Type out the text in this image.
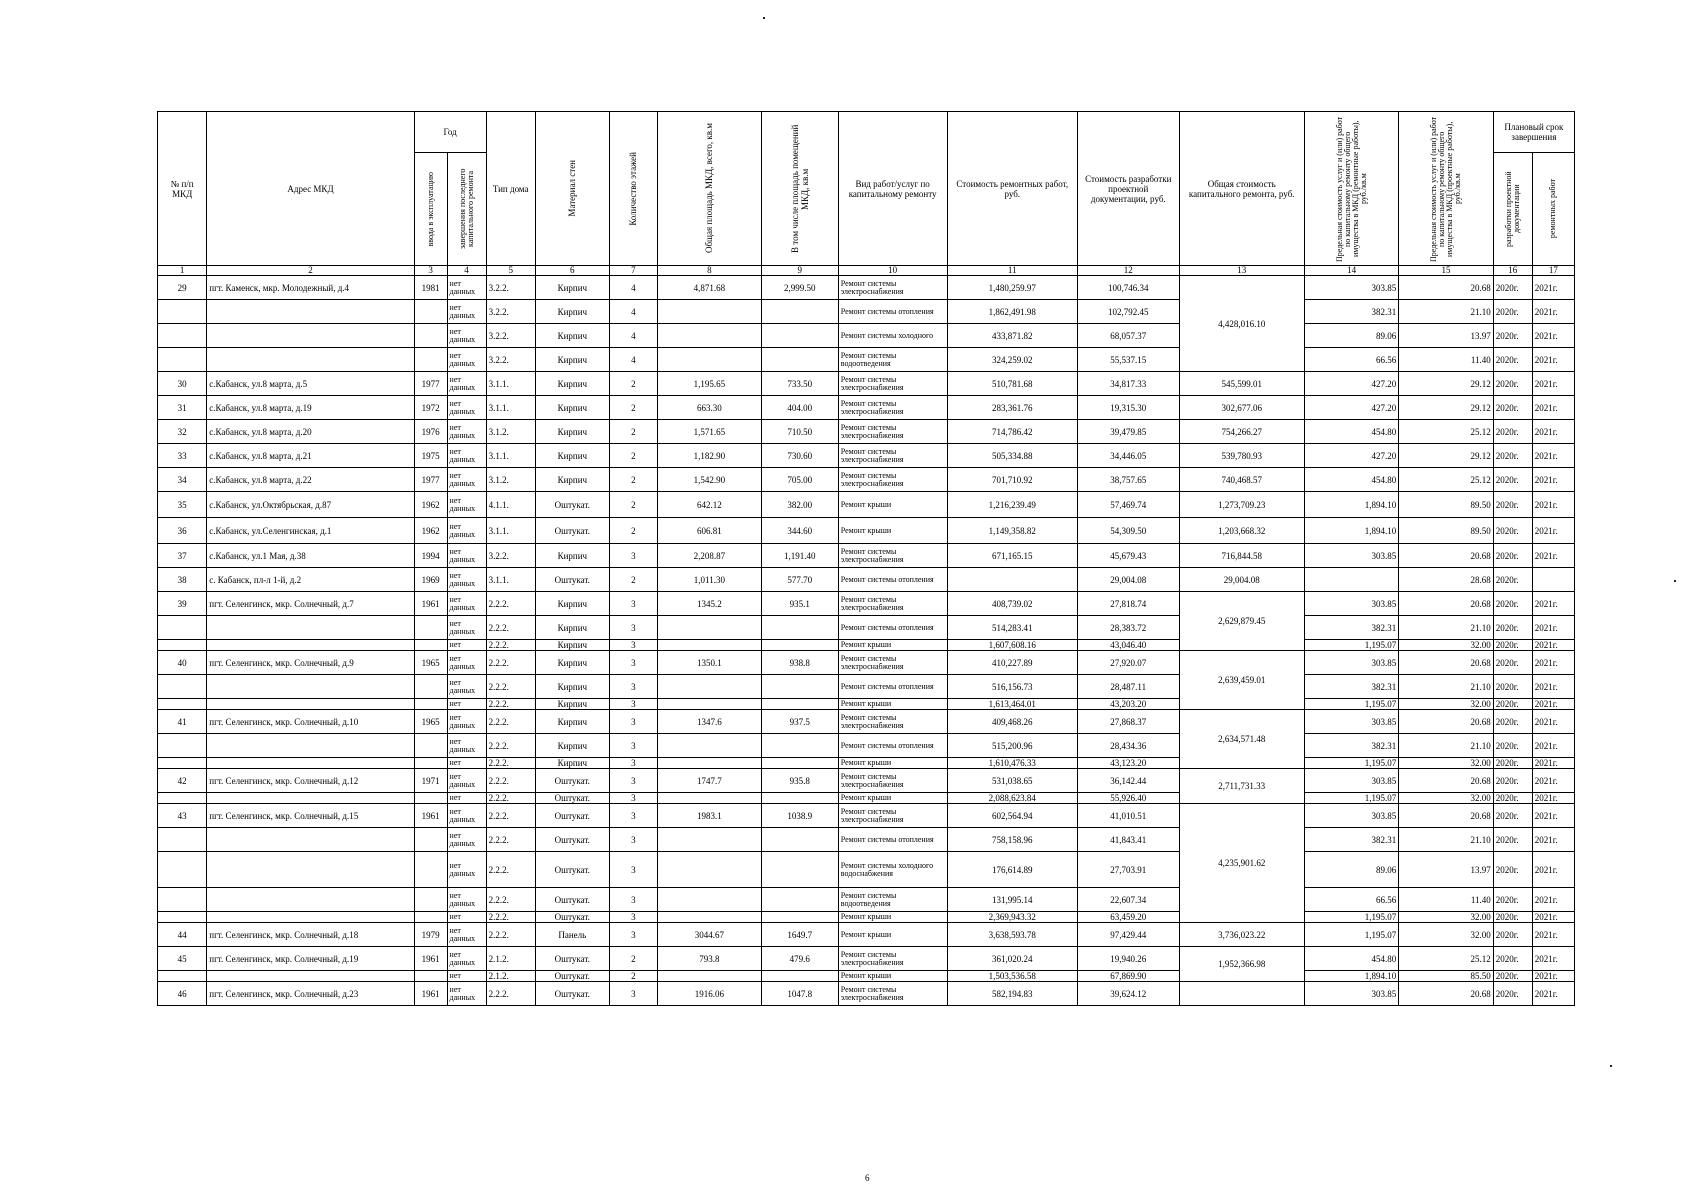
№ п/п МКД	Адрес МКД	Год		Тип дома	Материал стен	Количество этажей	Общая площадь МКД, всего, кв.м	В том числе площадь помещений МКД, кв.м	Вид работ/услуг по капитальному ремонту	Стоимость ремонтных работ, руб.	Стоимость разработки проектной документации, руб.	Общая стоимость капитального ремонта, руб.	Предельная стоимость услуг и (или) работ по капитальному ремонту общего имущества в МКД (ремонтные работы), руб./кв.м	Предельная стоимость услуг и (или) работ по капитальному ремонту общего имущества в МКД (проектные работы), руб./кв.м	Плановый срок завершения	

		ввода в эксплуатацию	завершения последнего капитального ремонта												разработки проектной документации	ремонтных работ

1	2	3	4	5	6	7	8	9	10	11	12	13	14	15	16	17
29	пгт. Каменск, мкр. Молодежный, д.4	1981	нет данных	3.2.2.	Кирпич	4	4,871.68	2,999.50	Ремонт системы электроснабжения	1,480,259.97	100,746.34	4,428,016.10	303.85	20.68	2020г.	2021г.
			нет данных	3.2.2.	Кирпич	4			Ремонт системы отопления	1,862,491.98	102,792.45		382.31	21.10	2020г.	2021г.
			нет данных	3.2.2.	Кирпич	4			Ремонт системы холодного	433,871.82	68,057.37		89.06	13.97	2020г.	2021г.
			нет данных	3.2.2.	Кирпич	4			Ремонт системы водоотведения	324,259.02	55,537.15		66.56	11.40	2020г.	2021г.
30	с.Кабанск, ул.8 марта, д.5	1977	нет данных	3.1.1.	Кирпич	2	1,195.65	733.50	Ремонт системы электроснабжения	510,781.68	34,817.33	545,599.01	427.20	29.12	2020г.	2021г.
31	с.Кабанск, ул.8 марта, д.19	1972	нет данных	3.1.1.	Кирпич	2	663.30	404.00	Ремонт системы электроснабжения	283,361.76	19,315.30	302,677.06	427.20	29.12	2020г.	2021г.
32	с.Кабанск, ул.8 марта, д.20	1976	нет данных	3.1.2.	Кирпич	2	1,571.65	710.50	Ремонт системы электроснабжения	714,786.42	39,479.85	754,266.27	454.80	25.12	2020г.	2021г.
33	с.Кабанск, ул.8 марта, д.21	1975	нет данных	3.1.1.	Кирпич	2	1,182.90	730.60	Ремонт системы электроснабжения	505,334.88	34,446.05	539,780.93	427.20	29.12	2020г.	2021г.
34	с.Кабанск, ул.8 марта, д.22	1977	нет данных	3.1.2.	Кирпич	2	1,542.90	705.00	Ремонт системы электроснабжения	701,710.92	38,757.65	740,468.57	454.80	25.12	2020г.	2021г.
35	с.Кабанск, ул.Октябрьская, д.87	1962	нет данных	4.1.1.	Оштукат.	2	642.12	382.00	Ремонт крыши	1,216,239.49	57,469.74	1,273,709.23	1,894.10	89.50	2020г.	2021г.
36	с.Кабанск, ул.Селенгинская, д.1	1962	нет данных	3.1.1.	Оштукат.	2	606.81	344.60	Ремонт крыши	1,149,358.82	54,309.50	1,203,668.32	1,894.10	89.50	2020г.	2021г.
37	с.Кабанск, ул.1 Мая, д.38	1994	нет данных	3.2.2.	Кирпич	3	2,208.87	1,191.40	Ремонт системы электроснабжения	671,165.15	45,679.43	716,844.58	303.85	20.68	2020г.	2021г.
38	с. Кабанск, пл-л 1-й, д.2	1969	нет данных	3.1.1.	Оштукат.	2	1,011.30	577.70	Ремонт системы отопления		29,004.08	29,004.08		28.68	2020г.	
39	пгт. Селенгинск, мкр. Солнечный, д.7	1961	нет данных	2.2.2.	Кирпич	3	1345.2	935.1	Ремонт системы электроснабжения	408,739.02	27,818.74	2,629,879.45	303.85	20.68	2020г.	2021г.
			нет данных	2.2.2.	Кирпич	3			Ремонт системы отопления	514,283.41	28,383.72		382.31	21.10	2020г.	2021г.
			нет	2.2.2.	Кирпич	3			Ремонт крыши	1,607,608.16	43,046.40		1,195.07	32.00	2020г.	2021г.
40	пгт. Селенгинск, мкр. Солнечный, д.9	1965	нет данных	2.2.2.	Кирпич	3	1350.1	938.8	Ремонт системы электроснабжения	410,227.89	27,920.07	2,639,459.01	303.85	20.68	2020г.	2021г.
			нет данных	2.2.2.	Кирпич	3			Ремонт системы отопления	516,156.73	28,487.11		382.31	21.10	2020г.	2021г.
			нет	2.2.2.	Кирпич	3			Ремонт крыши	1,613,464.01	43,203.20		1,195.07	32.00	2020г.	2021г.
41	пгт. Селенгинск, мкр. Солнечный, д.10	1965	нет данных	2.2.2.	Кирпич	3	1347.6	937.5	Ремонт системы электроснабжения	409,468.26	27,868.37	2,634,571.48	303.85	20.68	2020г.	2021г.
			нет данных	2.2.2.	Кирпич	3			Ремонт системы отопления	515,200.96	28,434.36		382.31	21.10	2020г.	2021г.
			нет	2.2.2.	Кирпич	3			Ремонт крыши	1,610,476.33	43,123.20		1,195.07	32.00	2020г.	2021г.
42	пгт. Селенгинск, мкр. Солнечный, д.12	1971	нет данных	2.2.2.	Оштукат.	3	1747.7	935.8	Ремонт системы электроснабжения	531,038.65	36,142.44	2,711,731.33	303.85	20.68	2020г.	2021г.
			нет	2.2.2.	Оштукат.	3			Ремонт крыши	2,088,623.84	55,926.40		1,195.07	32.00	2020г.	2021г.
43	пгт. Селенгинск, мкр. Солнечный, д.15	1961	нет данных	2.2.2.	Оштукат.	3	1983.1	1038.9	Ремонт системы электроснабжения	602,564.94	41,010.51	4,235,901.62	303.85	20.68	2020г.	2021г.
			нет данных	2.2.2.	Оштукат.	3			Ремонт системы отопления	758,158.96	41,843.41		382.31	21.10	2020г.	2021г.
			нет данных	2.2.2.	Оштукат.	3			Ремонт системы холодного водоснабжения	176,614.89	27,703.91		89.06	13.97	2020г.	2021г.
			нет данных	2.2.2.	Оштукат.	3			Ремонт системы водоотведения	131,995.14	22,607.34		66.56	11.40	2020г.	2021г.
			нет	2.2.2.	Оштукат.	3			Ремонт крыши	2,369,943.32	63,459.20		1,195.07	32.00	2020г.	2021г.
44	пгт. Селенгинск, мкр. Солнечный, д.18	1979	нет данных	2.2.2.	Панель	3	3044.67	1649.7	Ремонт крыши	3,638,593.78	97,429.44	3,736,023.22	1,195.07	32.00	2020г.	2021г.
45	пгт. Селенгинск, мкр. Солнечный, д.19	1961	нет данных	2.1.2.	Оштукат.	2	793.8	479.6	Ремонт системы электроснабжения	361,020.24	19,940.26	1,952,366.98	454.80	25.12	2020г.	2021г.
			нет	2.1.2.	Оштукат.	2			Ремонт крыши	1,503,536.58	67,869.90		1,894.10	85.50	2020г.	2021г.
46	пгт. Селенгинск, мкр. Солнечный, д.23	1961	нет данных	2.2.2.	Оштукат.	3	1916.06	1047.8	Ремонт системы электроснабжения	582,194.83	39,624.12		303.85	20.68	2020г.	2021г.
6
